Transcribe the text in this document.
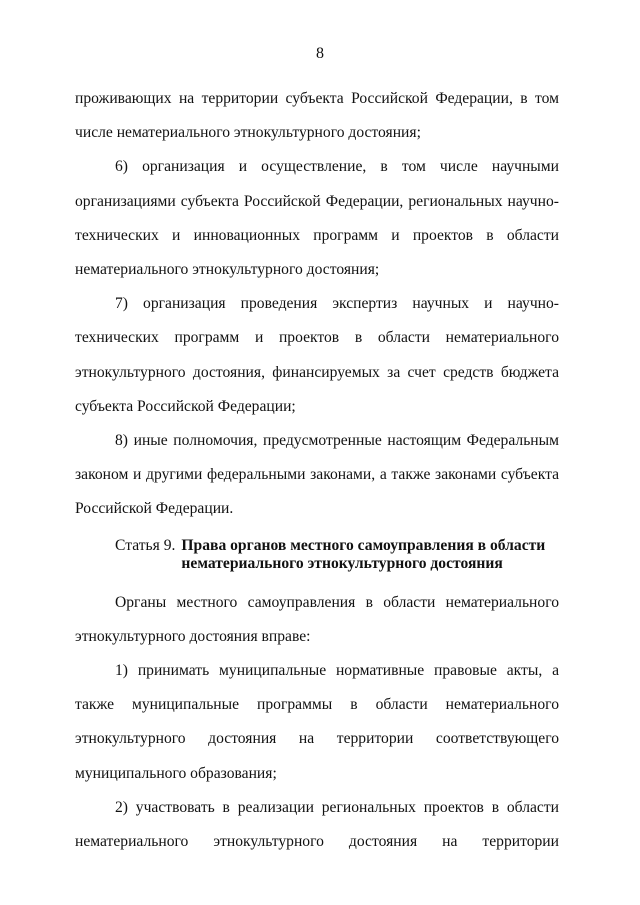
8

проживающих на территории субъекта Российской Федерации, в том числе нематериального этнокультурного достояния;

6) организация и осуществление, в том числе научными организациями субъекта Российской Федерации, региональных научно-технических и инновационных программ и проектов в области нематериального этнокультурного достояния;

7) организация проведения экспертиз научных и научно-технических программ и проектов в области нематериального этнокультурного достояния, финансируемых за счет средств бюджета субъекта Российской Федерации;

8) иные полномочия, предусмотренные настоящим Федеральным законом и другими федеральными законами, а также законами субъекта Российской Федерации.

Статья 9. Права органов местного самоуправления в области
нематериального этнокультурного достояния

Органы местного самоуправления в области нематериального этнокультурного достояния вправе:

1) принимать муниципальные нормативные правовые акты, а также муниципальные программы в области нематериального этнокультурного достояния на территории соответствующего муниципального образования;

2) участвовать в реализации региональных проектов в области нематериального этнокультурного достояния на территории
